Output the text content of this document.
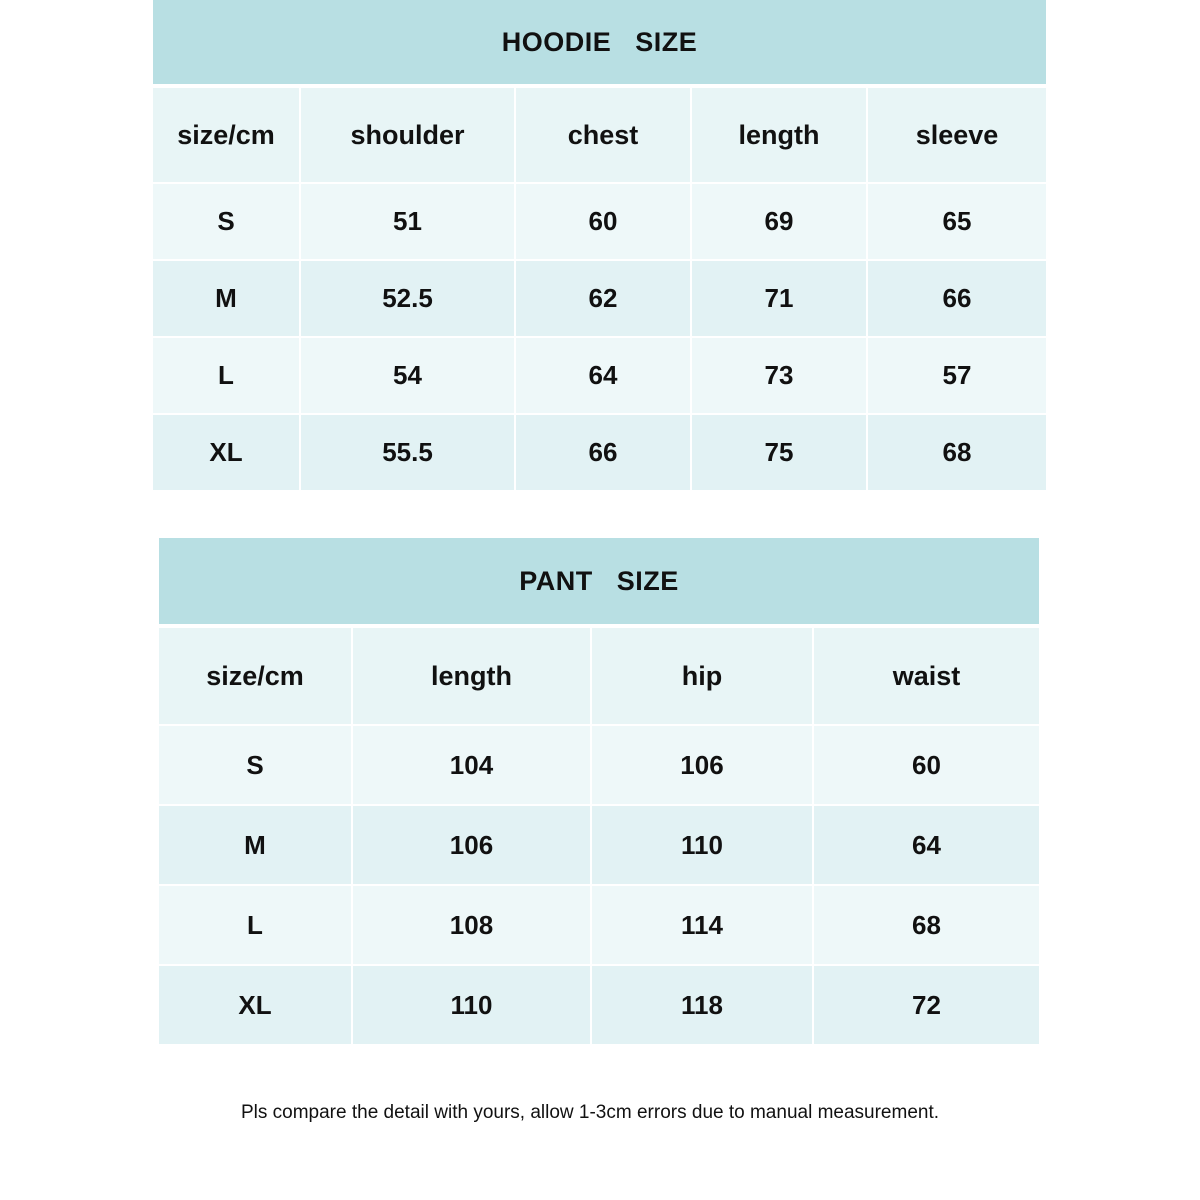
HOODIE   SIZE
size/cm	shoulder	chest	length	sleeve
S	51	60	69	65
M	52.5	62	71	66
L	54	64	73	57
XL	55.5	66	75	68
PANT   SIZE
size/cm	length	hip	waist
S	104	106	60
M	106	110	64
L	108	114	68
XL	110	118	72
Pls compare the detail with yours, allow 1-3cm errors due to manual measurement.
